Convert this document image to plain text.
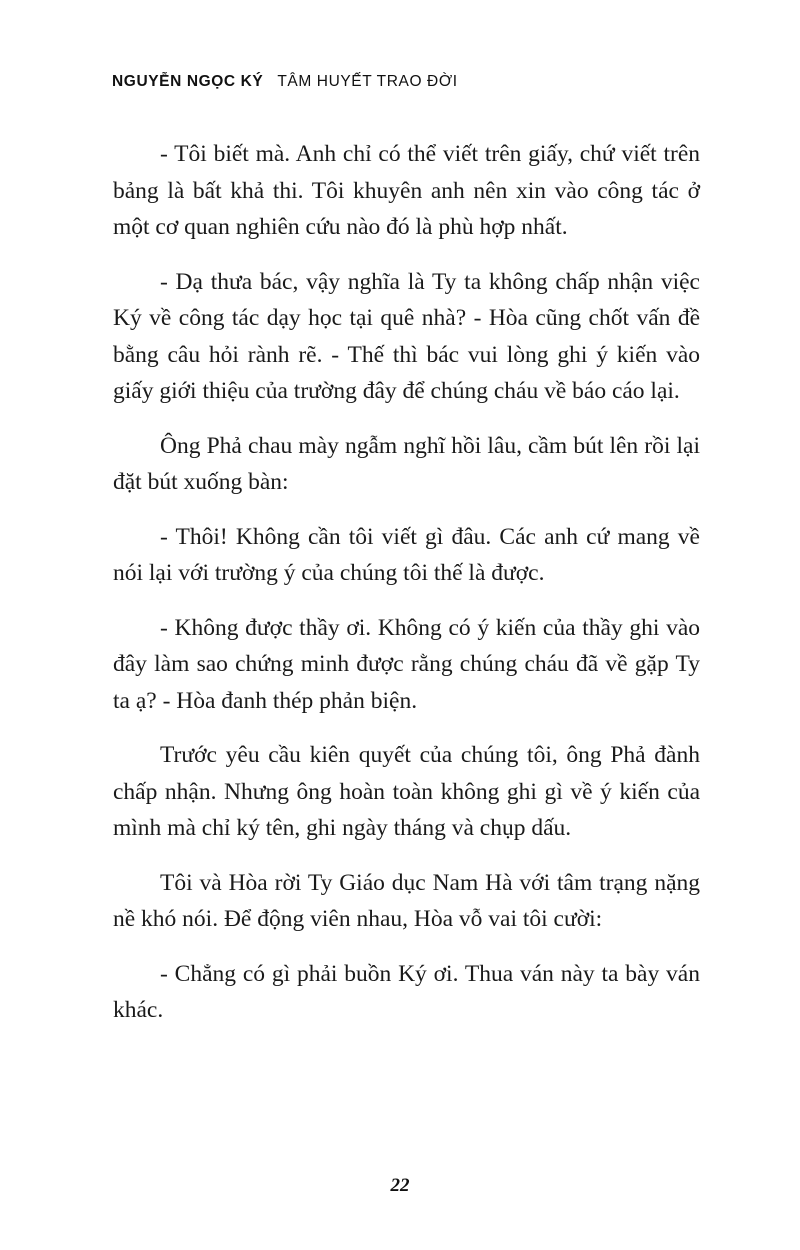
NGUYỄN NGỌC KÝ TÂM HUYẾT TRAO ĐỜI

- Tôi biết mà. Anh chỉ có thể viết trên giấy, chứ viết trên bảng là bất khả thi. Tôi khuyên anh nên xin vào công tác ở một cơ quan nghiên cứu nào đó là phù hợp nhất.

- Dạ thưa bác, vậy nghĩa là Ty ta không chấp nhận việc Ký về công tác dạy học tại quê nhà? - Hòa cũng chốt vấn đề bằng câu hỏi rành rẽ. - Thế thì bác vui lòng ghi ý kiến vào giấy giới thiệu của trường đây để chúng cháu về báo cáo lại.

Ông Phả chau mày ngẫm nghĩ hồi lâu, cầm bút lên rồi lại đặt bút xuống bàn:

- Thôi! Không cần tôi viết gì đâu. Các anh cứ mang về nói lại với trường ý của chúng tôi thế là được.

- Không được thầy ơi. Không có ý kiến của thầy ghi vào đây làm sao chứng minh được rằng chúng cháu đã về gặp Ty ta ạ? - Hòa đanh thép phản biện.

Trước yêu cầu kiên quyết của chúng tôi, ông Phả đành chấp nhận. Nhưng ông hoàn toàn không ghi gì về ý kiến của mình mà chỉ ký tên, ghi ngày tháng và chụp dấu.

Tôi và Hòa rời Ty Giáo dục Nam Hà với tâm trạng nặng nề khó nói. Để động viên nhau, Hòa vỗ vai tôi cười:

- Chẳng có gì phải buồn Ký ơi. Thua ván này ta bày ván khác.

22
